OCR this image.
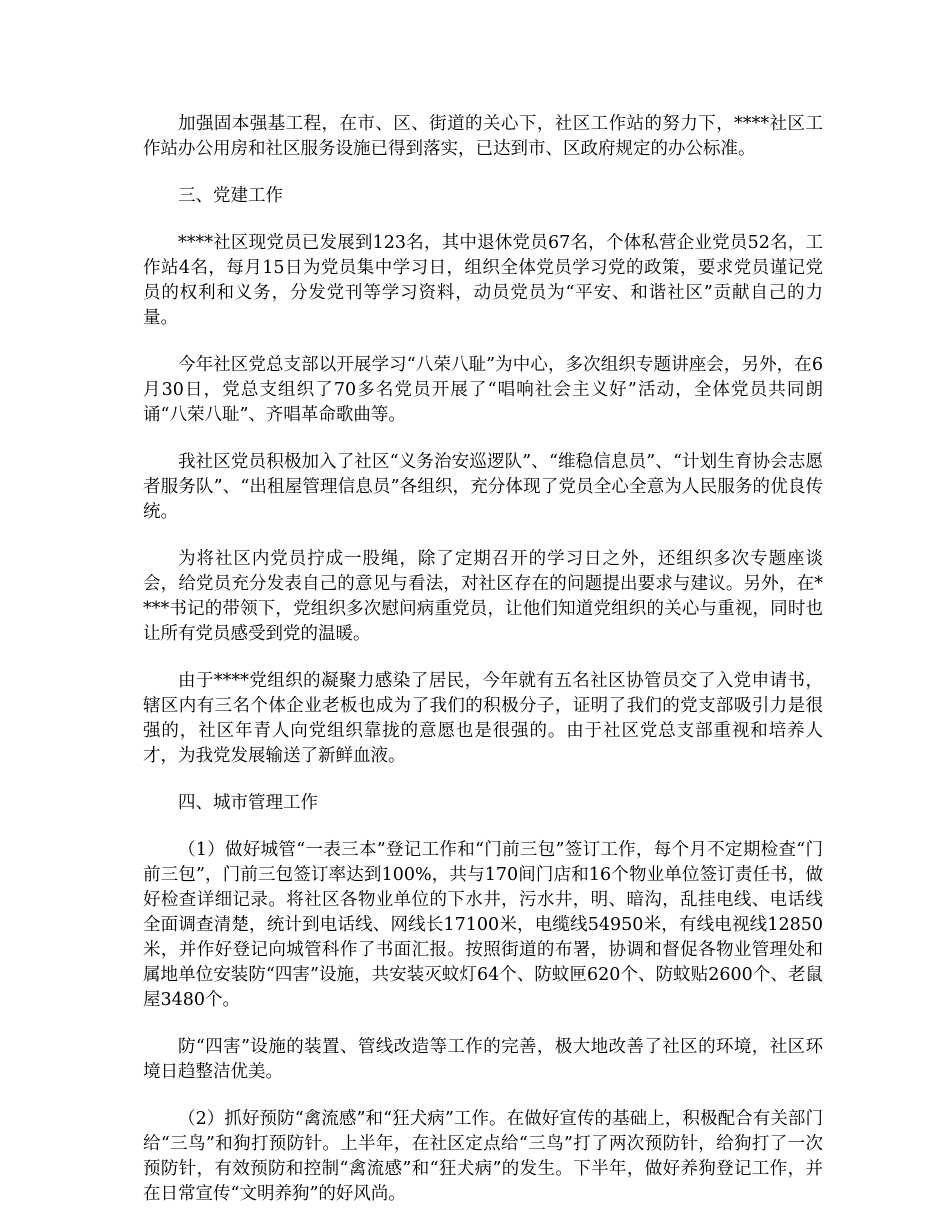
加强固本强基工程，在市、区、街道的关心下，社区工作站的努力下，****社区工作站办公用房和社区服务设施已得到落实，已达到市、区政府规定的办公标准。

三、党建工作

****社区现党员已发展到123名，其中退休党员67名，个体私营企业党员52名，工作站4名，每月15日为党员集中学习日，组织全体党员学习党的政策，要求党员谨记党员的权利和义务，分发党刊等学习资料，动员党员为“平安、和谐社区”贡献自己的力量。

今年社区党总支部以开展学习“八荣八耻”为中心，多次组织专题讲座会，另外，在6月30日，党总支组织了70多名党员开展了“唱响社会主义好”活动，全体党员共同朗诵“八荣八耻”、齐唱革命歌曲等。

我社区党员积极加入了社区“义务治安巡逻队”、“维稳信息员”、“计划生育协会志愿者服务队”、“出租屋管理信息员”各组织，充分体现了党员全心全意为人民服务的优良传统。

为将社区内党员拧成一股绳，除了定期召开的学习日之外，还组织多次专题座谈会，给党员充分发表自己的意见与看法，对社区存在的问题提出要求与建议。另外，在****书记的带领下，党组织多次慰问病重党员，让他们知道党组织的关心与重视，同时也让所有党员感受到党的温暖。

由于****党组织的凝聚力感染了居民，今年就有五名社区协管员交了入党申请书，辖区内有三名个体企业老板也成为了我们的积极分子，证明了我们的党支部吸引力是很强的，社区年青人向党组织靠拢的意愿也是很强的。由于社区党总支部重视和培养人才，为我党发展输送了新鲜血液。

四、城市管理工作

（1）做好城管“一表三本”登记工作和“门前三包”签订工作，每个月不定期检查“门前三包”，门前三包签订率达到100%，共与170间门店和16个物业单位签订责任书，做好检查详细记录。将社区各物业单位的下水井，污水井，明、暗沟，乱挂电线、电话线全面调查清楚，统计到电话线、网线长17100米，电缆线54950米，有线电视线12850米，并作好登记向城管科作了书面汇报。按照街道的布署，协调和督促各物业管理处和属地单位安装防“四害”设施，共安装灭蚊灯64个、防蚊匣620个、防蚊贴2600个、老鼠屋3480个。

防“四害”设施的装置、管线改造等工作的完善，极大地改善了社区的环境，社区环境日趋整洁优美。

（2）抓好预防“禽流感”和“狂犬病”工作。在做好宣传的基础上，积极配合有关部门给“三鸟”和狗打预防针。上半年，在社区定点给“三鸟”打了两次预防针，给狗打了一次预防针，有效预防和控制“禽流感”和“狂犬病”的发生。下半年，做好养狗登记工作，并在日常宣传“文明养狗”的好风尚。
